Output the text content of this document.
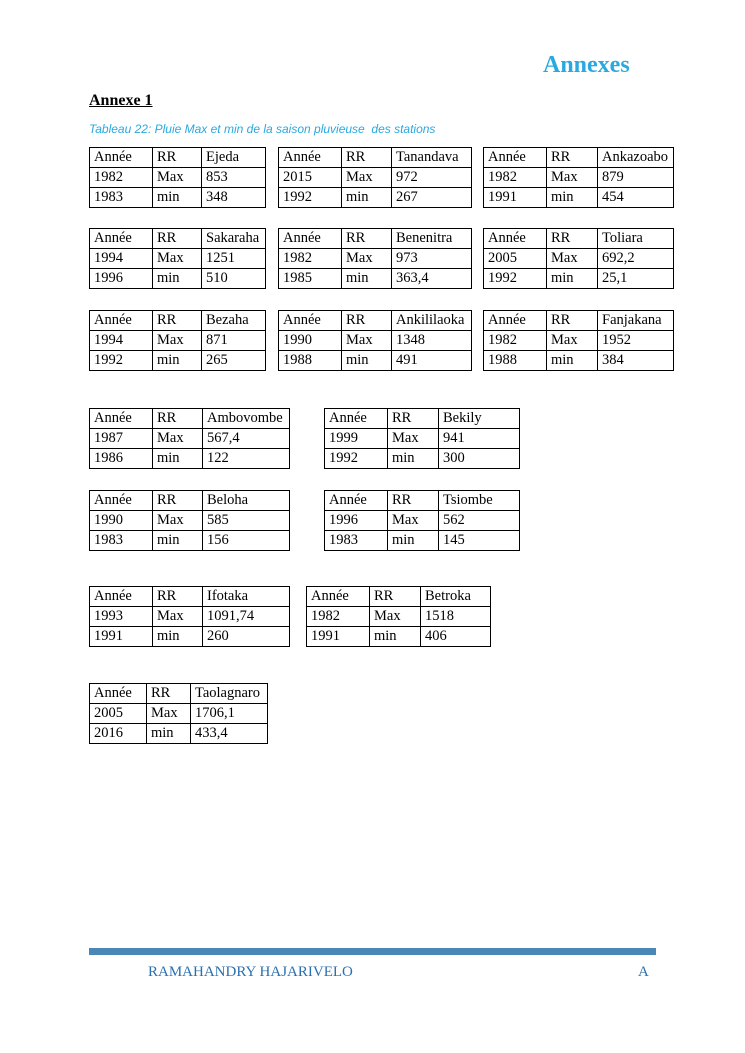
Annexes
Annexe 1
Tableau 22: Pluie Max et min de la saison pluvieuse  des stations
Année	RR	Ejeda
1982	Max	853
1983	min	348
Année	RR	Tanandava
2015	Max	972
1992	min	267
Année	RR	Ankazoabo
1982	Max	879
1991	min	454
Année	RR	Sakaraha
1994	Max	1251
1996	min	510
Année	RR	Benenitra
1982	Max	973
1985	min	363,4
Année	RR	Toliara
2005	Max	692,2
1992	min	25,1
Année	RR	Bezaha
1994	Max	871
1992	min	265
Année	RR	Ankililaoka
1990	Max	1348
1988	min	491
Année	RR	Fanjakana
1982	Max	1952
1988	min	384
Année	RR	Ambovombe
1987	Max	567,4
1986	min	122
Année	RR	Bekily
1999	Max	941
1992	min	300
Année	RR	Beloha
1990	Max	585
1983	min	156
Année	RR	Tsiombe
1996	Max	562
1983	min	145
Année	RR	Ifotaka
1993	Max	1091,74
1991	min	260
Année	RR	Betroka
1982	Max	1518
1991	min	406
Année	RR	Taolagnaro
2005	Max	1706,1
2016	min	433,4
RAMAHANDRY HAJARIVELO	A
